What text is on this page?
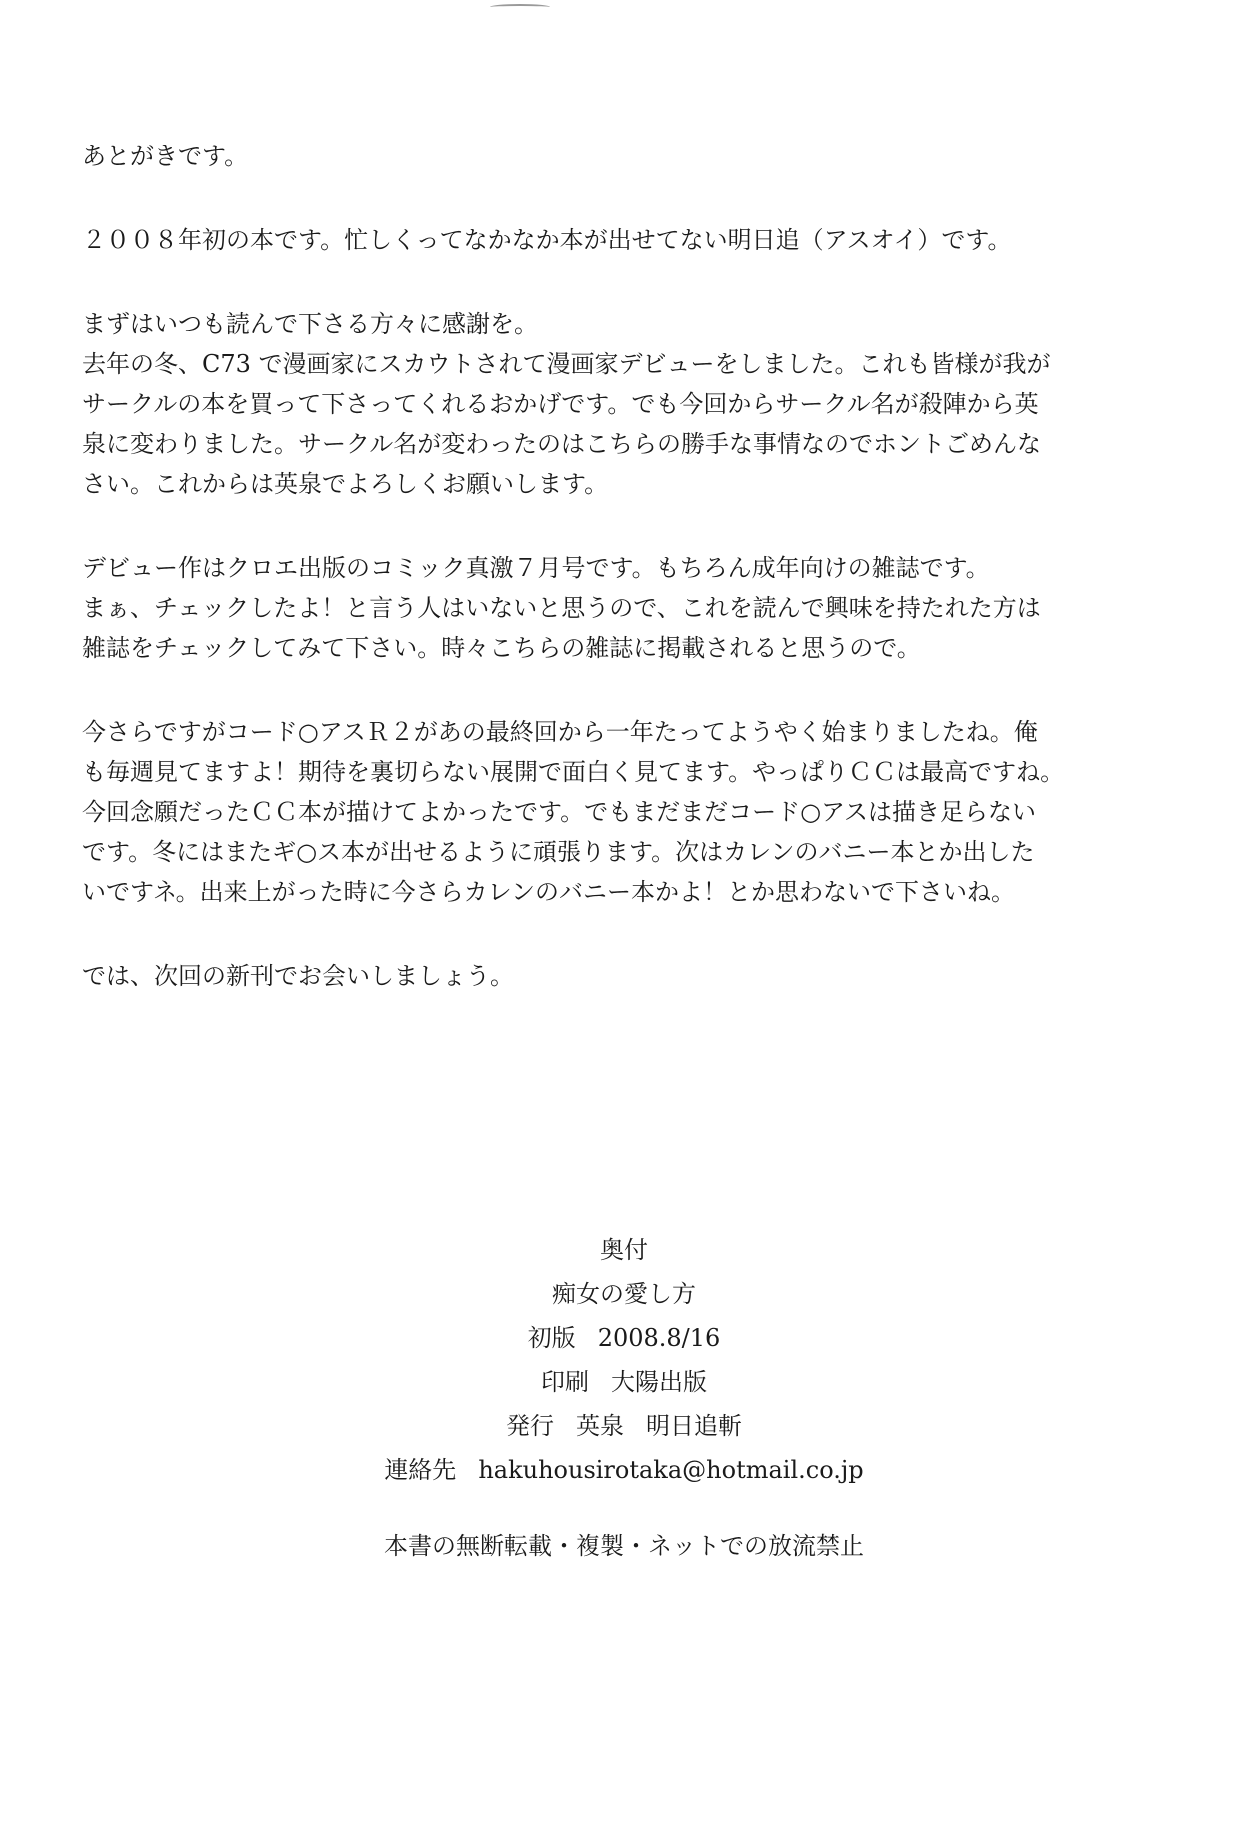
あとがきです。

２００８年初の本です。忙しくってなかなか本が出せてない明日追（アスオイ）です。

まずはいつも読んで下さる方々に感謝を。

去年の冬、C73 で漫画家にスカウトされて漫画家デビューをしました。これも皆様が我が

サークルの本を買って下さってくれるおかげです。でも今回からサークル名が殺陣から英

泉に変わりました。サークル名が変わったのはこちらの勝手な事情なのでホントごめんな

さい。これからは英泉でよろしくお願いします。

デビュー作はクロエ出版のコミック真激７月号です。もちろん成年向けの雑誌です。

まぁ、チェックしたよ！と言う人はいないと思うので、これを読んで興味を持たれた方は

雑誌をチェックしてみて下さい。時々こちらの雑誌に掲載されると思うので。

今さらですがコード○アスＲ２があの最終回から一年たってようやく始まりましたね。俺

も毎週見てますよ！期待を裏切らない展開で面白く見てます。やっぱりＣＣは最高ですね。

今回念願だったＣＣ本が描けてよかったです。でもまだまだコード○アスは描き足らない

です。冬にはまたギ○ス本が出せるように頑張ります。次はカレンのバニー本とか出した

いですネ。出来上がった時に今さらカレンのバニー本かよ！とか思わないで下さいね。

では、次回の新刊でお会いしましょう。

奥付
痴女の愛し方
初版 2008.8/16
印刷 大陽出版
発行 英泉 明日追斬
連絡先 hakuhousirotaka@hotmail.co.jp
本書の無断転載・複製・ネットでの放流禁止
